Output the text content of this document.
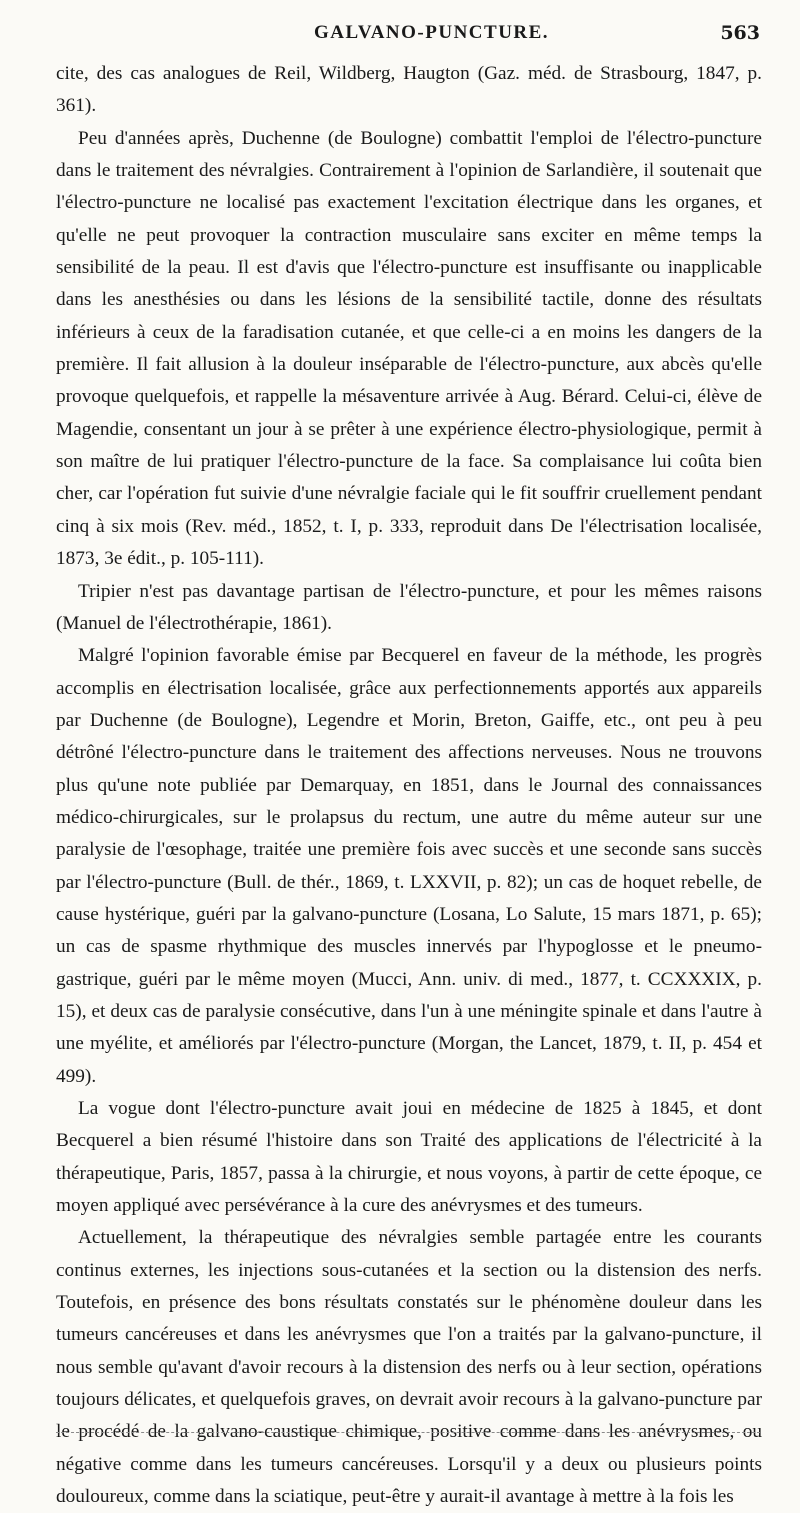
GALVANO-PUNCTURE.	563

cite, des cas analogues de Reil, Wildberg, Haugton (Gaz. méd. de Strasbourg, 1847, p. 361).

Peu d'années après, Duchenne (de Boulogne) combattit l'emploi de l'électro-puncture dans le traitement des névralgies. Contrairement à l'opinion de Sarlandière, il soutenait que l'électro-puncture ne localisé pas exactement l'excitation électrique dans les organes, et qu'elle ne peut provoquer la contraction musculaire sans exciter en même temps la sensibilité de la peau. Il est d'avis que l'électro-puncture est insuffisante ou inapplicable dans les anesthésies ou dans les lésions de la sensibilité tactile, donne des résultats inférieurs à ceux de la faradisation cutanée, et que celle-ci a en moins les dangers de la première. Il fait allusion à la douleur inséparable de l'électro-puncture, aux abcès qu'elle provoque quelquefois, et rappelle la mésaventure arrivée à Aug. Bérard. Celui-ci, élève de Magendie, consentant un jour à se prêter à une expérience électro-physiologique, permit à son maître de lui pratiquer l'électro-puncture de la face. Sa complaisance lui coûta bien cher, car l'opération fut suivie d'une névralgie faciale qui le fit souffrir cruellement pendant cinq à six mois (Rev. méd., 1852, t. I, p. 333, reproduit dans De l'électrisation localisée, 1873, 3e édit., p. 105-111).

Tripier n'est pas davantage partisan de l'électro-puncture, et pour les mêmes raisons (Manuel de l'électrothérapie, 1861).

Malgré l'opinion favorable émise par Becquerel en faveur de la méthode, les progrès accomplis en électrisation localisée, grâce aux perfectionnements apportés aux appareils par Duchenne (de Boulogne), Legendre et Morin, Breton, Gaiffe, etc., ont peu à peu détrôné l'électro-puncture dans le traitement des affections nerveuses. Nous ne trouvons plus qu'une note publiée par Demarquay, en 1851, dans le Journal des connaissances médico-chirurgicales, sur le prolapsus du rectum, une autre du même auteur sur une paralysie de l'œsophage, traitée une première fois avec succès et une seconde sans succès par l'électro-puncture (Bull. de thér., 1869, t. LXXVII, p. 82); un cas de hoquet rebelle, de cause hystérique, guéri par la galvano-puncture (Losana, Lo Salute, 15 mars 1871, p. 65); un cas de spasme rhythmique des muscles innervés par l'hypoglosse et le pneumo-gastrique, guéri par le même moyen (Mucci, Ann. univ. di med., 1877, t. CCXXXIX, p. 15), et deux cas de paralysie consécutive, dans l'un à une méningite spinale et dans l'autre à une myélite, et améliorés par l'électro-puncture (Morgan, the Lancet, 1879, t. II, p. 454 et 499).

La vogue dont l'électro-puncture avait joui en médecine de 1825 à 1845, et dont Becquerel a bien résumé l'histoire dans son Traité des applications de l'électricité à la thérapeutique, Paris, 1857, passa à la chirurgie, et nous voyons, à partir de cette époque, ce moyen appliqué avec persévérance à la cure des anévrysmes et des tumeurs.

Actuellement, la thérapeutique des névralgies semble partagée entre les courants continus externes, les injections sous-cutanées et la section ou la distension des nerfs. Toutefois, en présence des bons résultats constatés sur le phénomène douleur dans les tumeurs cancéreuses et dans les anévrysmes que l'on a traités par la galvano-puncture, il nous semble qu'avant d'avoir recours à la distension des nerfs ou à leur section, opérations toujours délicates, et quelquefois graves, on devrait avoir recours à la galvano-puncture par le procédé de la galvano-caustique chimique, positive comme dans les anévrysmes, ou négative comme dans les tumeurs cancéreuses. Lorsqu'il y a deux ou plusieurs points douloureux, comme dans la sciatique, peut-être y aurait-il avantage à mettre à la fois les
